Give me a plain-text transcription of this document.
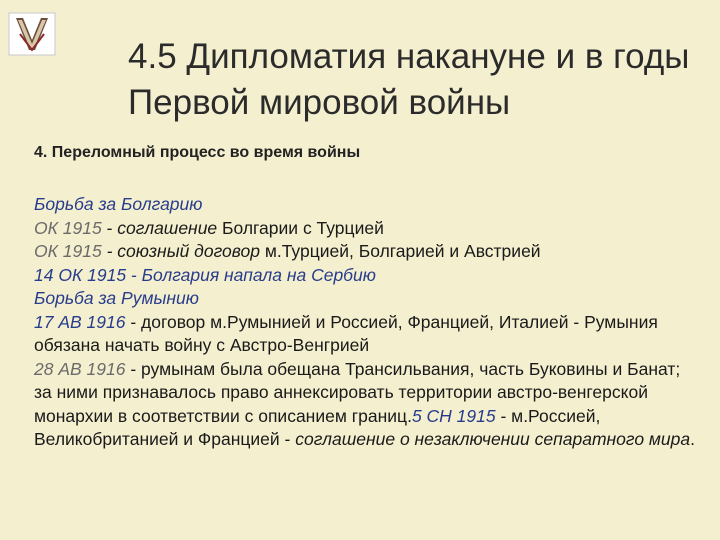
4.5 Дипломатия накануне и в годы Первой мировой войны
4. Переломный процесс во время войны

Борьба за Болгарию

ОК 1915 - соглашение Болгарии с Турцией

ОК 1915 - союзный договор м.Турцией, Болгарией и Австрией

14 ОК 1915 - Болгария напала на Сербию

Борьба за Румынию

17 АВ 1916 - договор м.Румынией и Россией, Францией, Италией - Румыния обязана начать войну с Австро-Венгрией

28 АВ 1916 - румынам была обещана Трансильвания, часть Буковины и Банат; за ними признавалось право аннексировать территории австро-венгерской монархии в соответствии с описанием границ.5 СН 1915 - м.Россией, Великобританией и Францией - соглашение о незаключении сепаратного мира.
